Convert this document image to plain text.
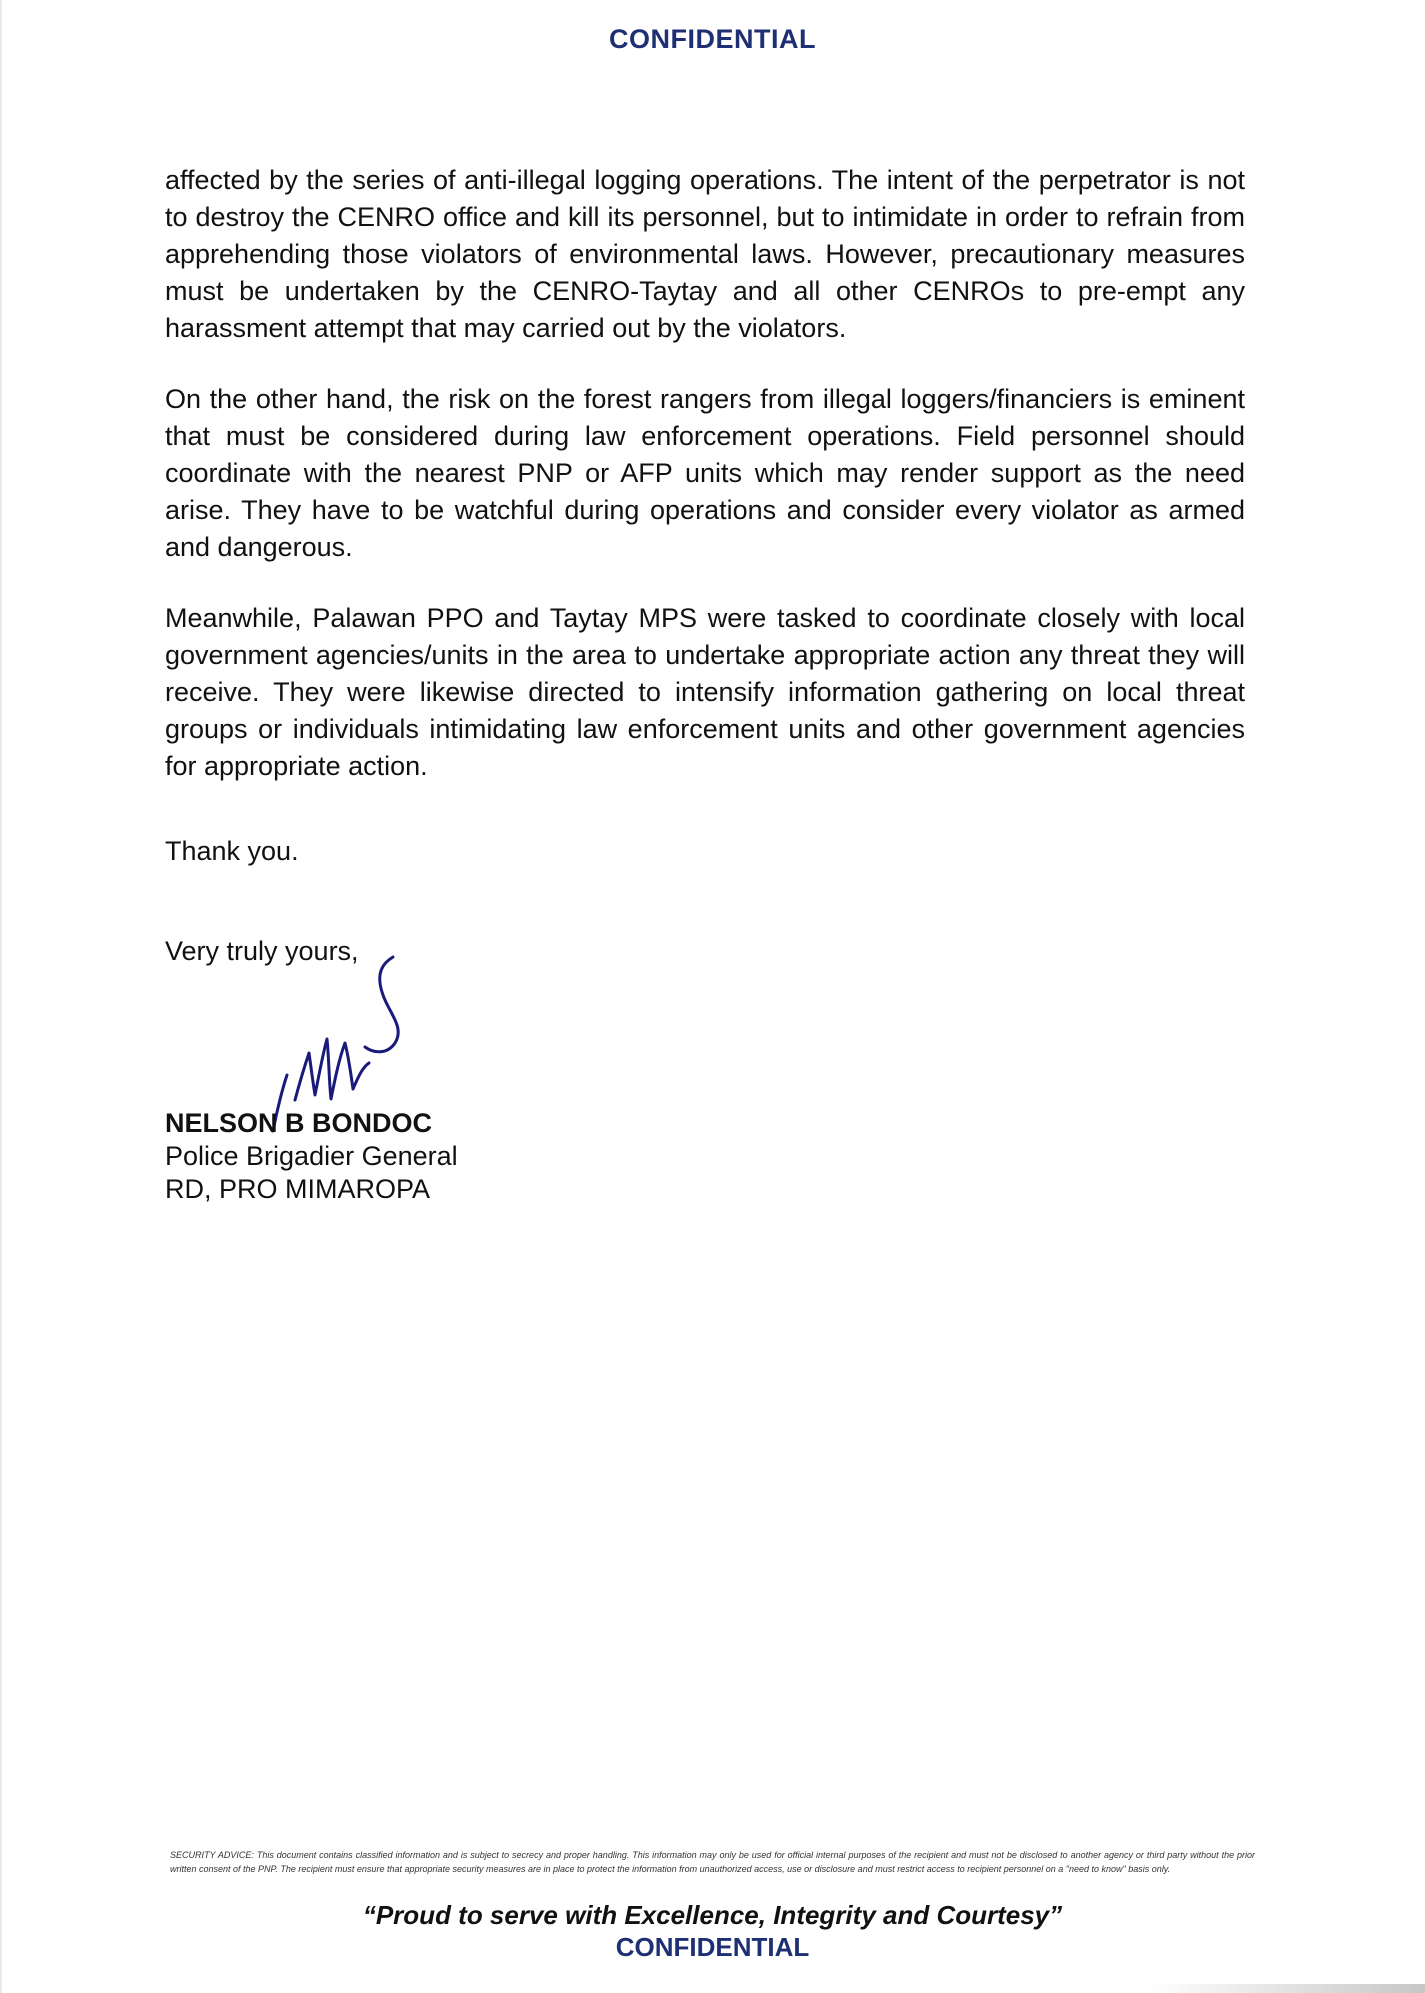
CONFIDENTIAL

affected by the series of anti-illegal logging operations. The intent of the perpetrator is not to destroy the CENRO office and kill its personnel, but to intimidate in order to refrain from apprehending those violators of environmental laws. However, precautionary measures must be undertaken by the CENRO-Taytay and all other CENROs to pre-empt any harassment attempt that may carried out by the violators.

On the other hand, the risk on the forest rangers from illegal loggers/financiers is eminent that must be considered during law enforcement operations. Field personnel should coordinate with the nearest PNP or AFP units which may render support as the need arise. They have to be watchful during operations and consider every violator as armed and dangerous.

Meanwhile, Palawan PPO and Taytay MPS were tasked to coordinate closely with local government agencies/units in the area to undertake appropriate action any threat they will receive. They were likewise directed to intensify information gathering on local threat groups or individuals intimidating law enforcement units and other government agencies for appropriate action.

Thank you.
Very truly yours,
NELSON B BONDOC
Police Brigadier General
RD, PRO MIMAROPA
SECURITY ADVICE: This document contains classified information and is subject to secrecy and proper handling. This information may only be used for official internal purposes of the recipient and must not be disclosed to another agency or third party without the prior written consent of the PNP. The recipient must ensure that appropriate security measures are in place to protect the information from unauthorized access, use or disclosure and must restrict access to recipient personnel on a "need to know" basis only.
“Proud to serve with Excellence, Integrity and Courtesy”
CONFIDENTIAL
